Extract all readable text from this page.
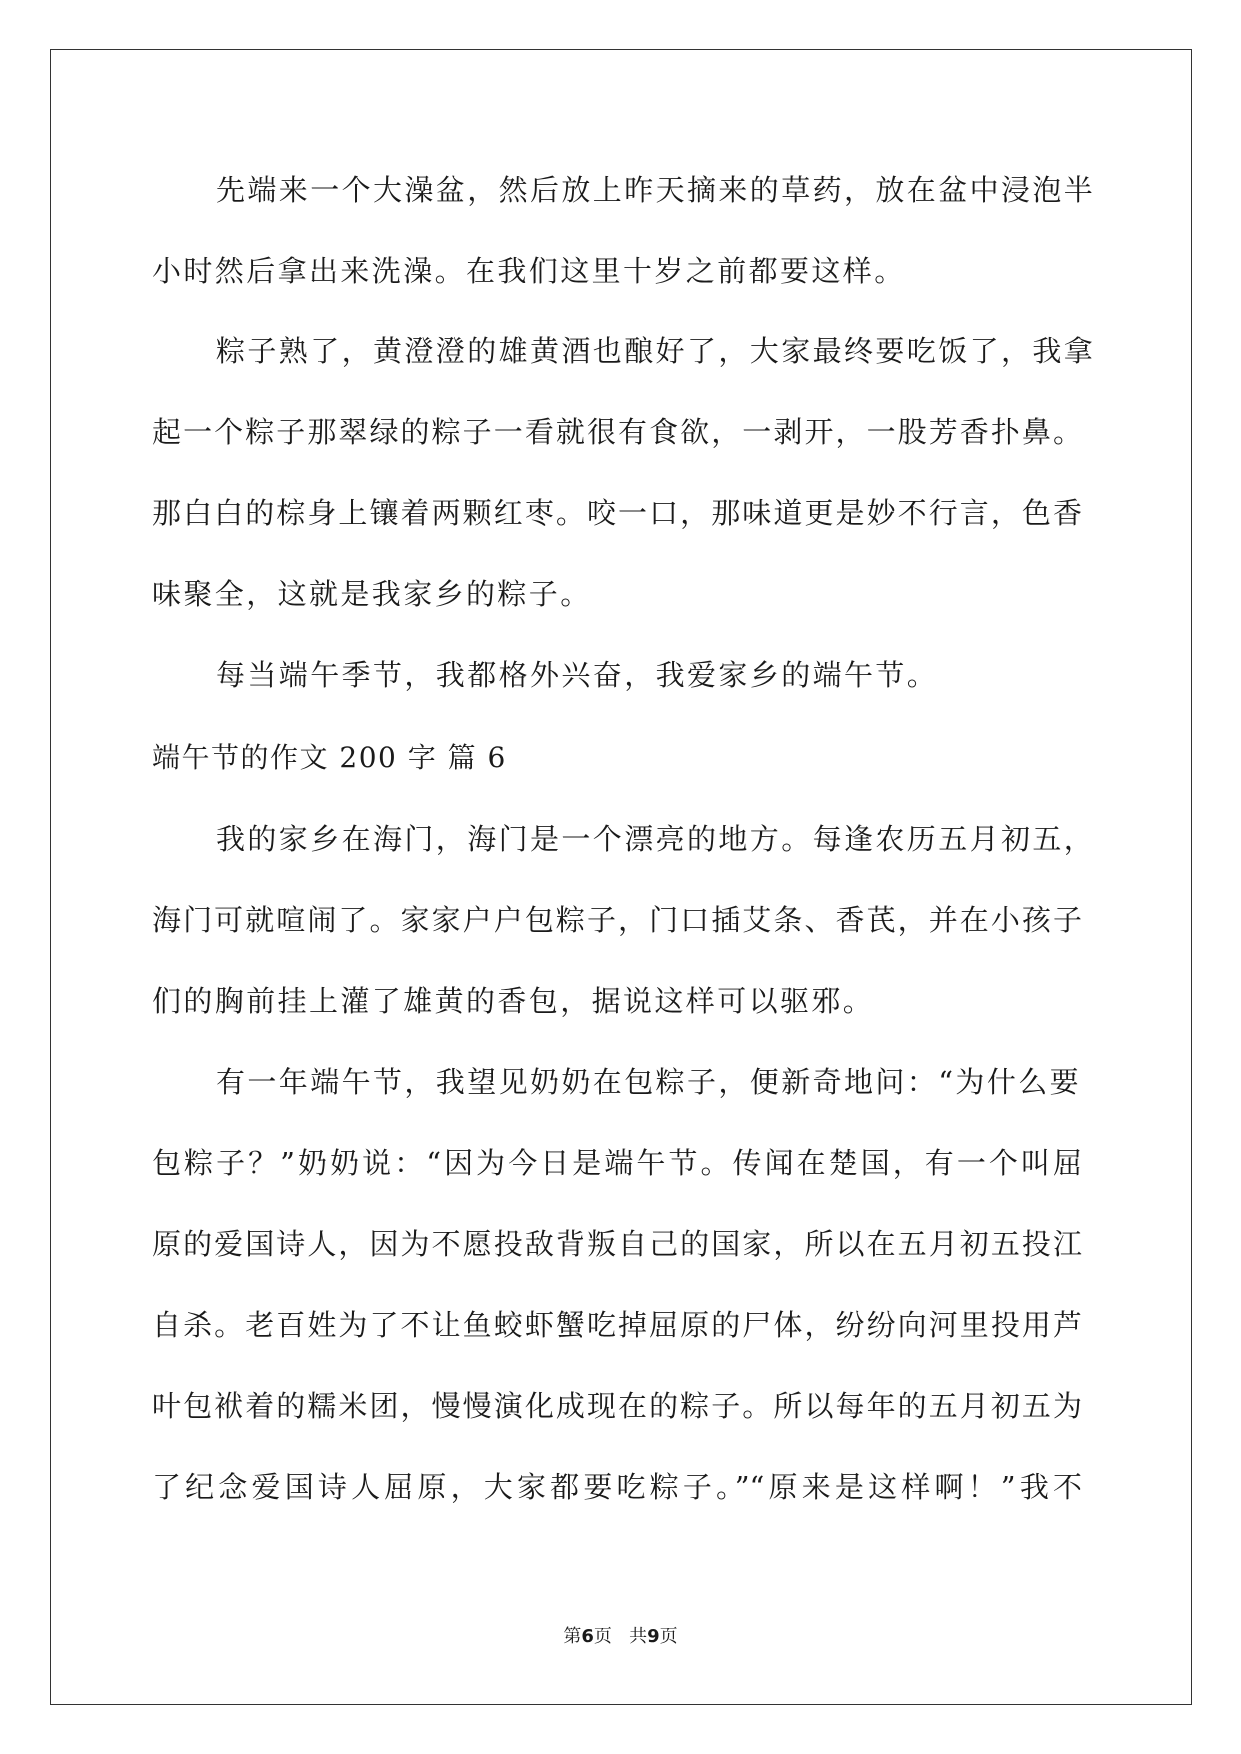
先端来一个大澡盆，然后放上昨天摘来的草药，放在盆中浸泡半
小时然后拿出来洗澡。在我们这里十岁之前都要这样。
粽子熟了，黄澄澄的雄黄酒也酿好了，大家最终要吃饭了，我拿
起一个粽子那翠绿的粽子一看就很有食欲，一剥开，一股芳香扑鼻。
那白白的棕身上镶着两颗红枣。咬一口，那味道更是妙不行言，色香
味聚全，这就是我家乡的粽子。
每当端午季节，我都格外兴奋，我爱家乡的端午节。
端午节的作文 200 字 篇 6
我的家乡在海门，海门是一个漂亮的地方。每逢农历五月初五，
海门可就喧闹了。家家户户包粽子，门口插艾条、香芪，并在小孩子
们的胸前挂上灌了雄黄的香包，据说这样可以驱邪。
有一年端午节，我望见奶奶在包粽子，便新奇地问：“为什么要
包粽子？”奶奶说：“因为今日是端午节。传闻在楚国，有一个叫屈
原的爱国诗人，因为不愿投敌背叛自己的国家，所以在五月初五投江
自杀。老百姓为了不让鱼蛟虾蟹吃掉屈原的尸体，纷纷向河里投用芦
叶包袱着的糯米团，慢慢演化成现在的粽子。所以每年的五月初五为
了纪念爱国诗人屈原，大家都要吃粽子。”“原来是这样啊！”我不
第6页   共9页
